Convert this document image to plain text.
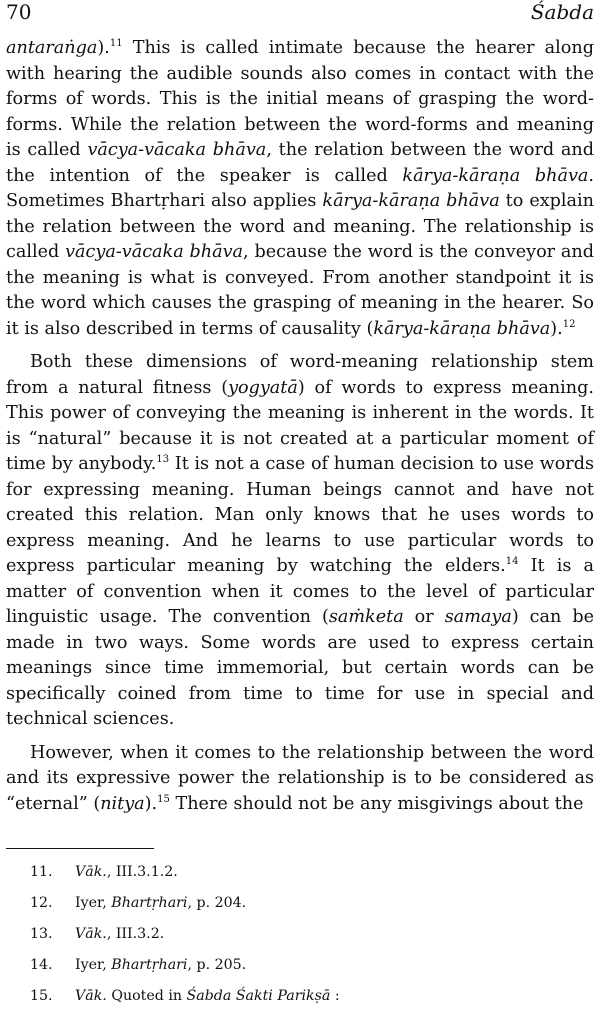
70	Śabda

antaraṅga).$^{11}$ This is called intimate because the hearer along with hearing the audible sounds also comes in contact with the forms of words. This is the initial means of grasping the word-forms. While the relation between the word-forms and meaning is called vācya-vācaka bhāva, the relation between the word and the intention of the speaker is called kārya-kāraṇa bhāva. Sometimes Bhartṛhari also applies kārya-kāraṇa bhāva to explain the relation between the word and meaning. The relationship is called vācya-vācaka bhāva, because the word is the conveyor and the meaning is what is conveyed. From another standpoint it is the word which causes the grasping of meaning in the hearer. So it is also described in terms of causality (kārya-kāraṇa bhāva).$^{12}$

Both these dimensions of word-meaning relationship stem from a natural fitness (yogyatā) of words to express meaning. This power of conveying the meaning is inherent in the words. It is “natural” because it is not created at a particular moment of time by anybody.$^{13}$ It is not a case of human decision to use words for expressing meaning. Human beings cannot and have not created this relation. Man only knows that he uses words to express meaning. And he learns to use particular words to express particular meaning by watching the elders.$^{14}$ It is a matter of convention when it comes to the level of particular linguistic usage. The convention (saṁketa or samaya) can be made in two ways. Some words are used to express certain meanings since time immemorial, but certain words can be specifically coined from time to time for use in special and technical sciences.

However, when it comes to the relationship between the word and its expressive power the relationship is to be considered as “eternal” (nitya).$^{15}$ There should not be any misgivings about the

11.	Vāk., III.3.1.2.
12.	Iyer, Bhartṛhari, p. 204.
13.	Vāk., III.3.2.
14.	Iyer, Bhartṛhari, p. 205.
15.	Vāk. Quoted in Śabda Śakti Parikṣā :
